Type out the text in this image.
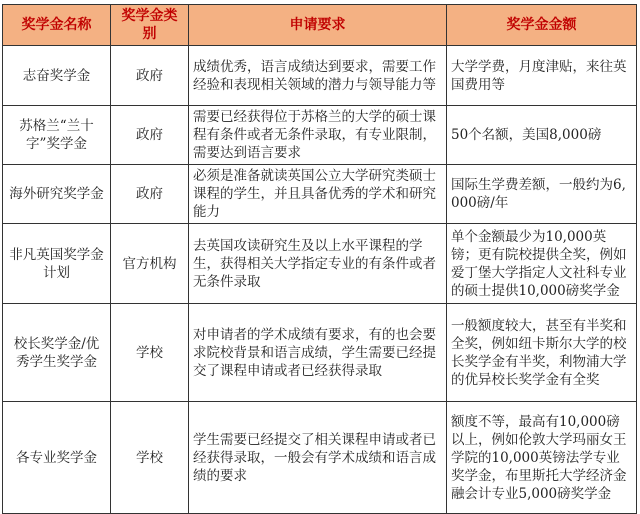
奖学金名称	奖学金类别	申请要求	奖学金金额
志奋奖学金	政府	成绩优秀，语言成绩达到要求，需要工作经验和表现相关领域的潜力与领导能力等	大学学费，月度津贴，来往英国费用等
苏格兰“兰十字”奖学金	政府	需要已经获得位于苏格兰的大学的硕士课程有条件或者无条件录取，有专业限制，需要达到语言要求	50个名额，美国8,000磅
海外研究奖学金	政府	必须是准备就读英国公立大学研究类硕士课程的学生，并且具备优秀的学术和研究能力	国际生学费差额，一般约为6,000磅/年
非凡英国奖学金计划	官方机构	去英国攻读研究生及以上水平课程的学生，获得相关大学指定专业的有条件或者无条件录取	单个金额最少为10,000英镑；更有院校提供全奖，例如爱丁堡大学指定人文社科专业的硕士提供10,000磅奖学金
校长奖学金/优秀学生奖学金	学校	对申请者的学术成绩有要求，有的也会要求院校背景和语言成绩，学生需要已经提交了课程申请或者已经获得录取	一般额度较大，甚至有半奖和全奖，例如纽卡斯尔大学的校长奖学金有半奖，利物浦大学的优异校长奖学金有全奖
各专业奖学金	学校	学生需要已经提交了相关课程申请或者已经获得录取，一般会有学术成绩和语言成绩的要求	额度不等，最高有10,000磅以上，例如伦敦大学玛丽女王学院的10,000英镑法学专业奖学金，布里斯托大学经济金融会计专业5,000磅奖学金
